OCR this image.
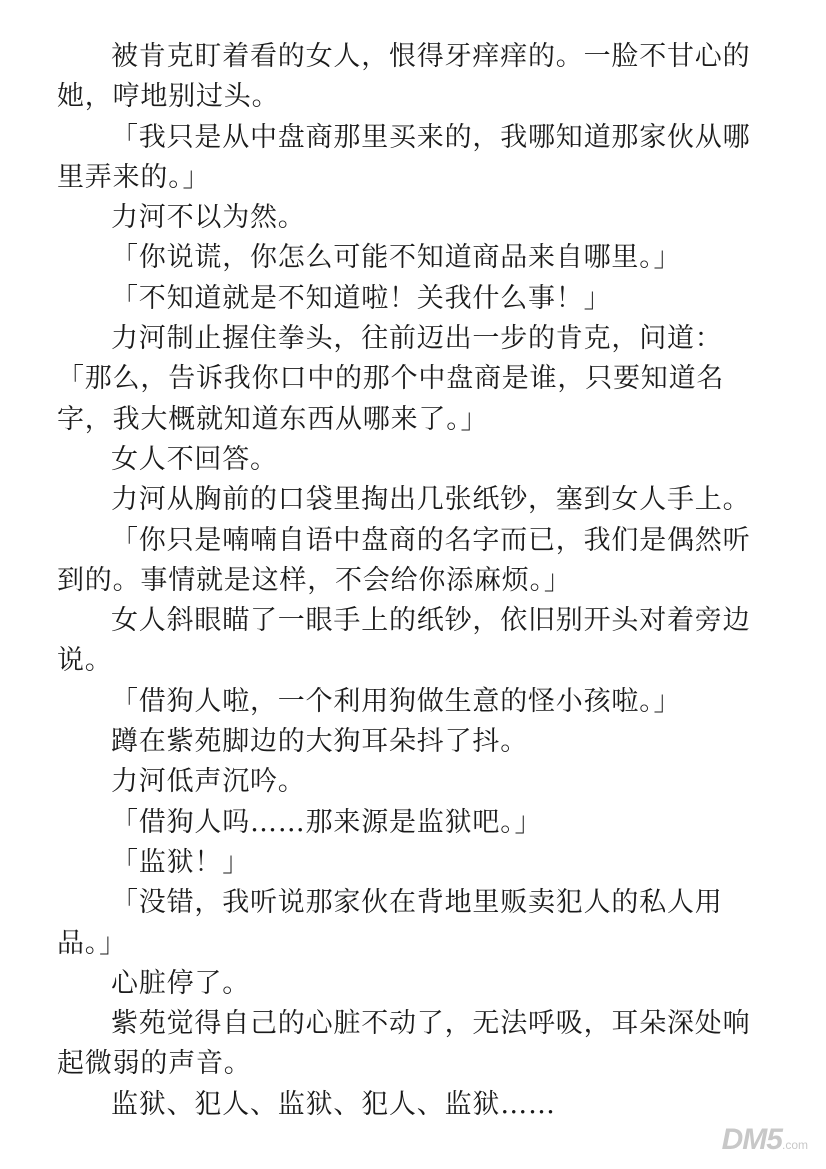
被肯克盯着看的女人，恨得牙痒痒的。一脸不甘心的她，哼地别过头。

「我只是从中盘商那里买来的，我哪知道那家伙从哪里弄来的。」

力河不以为然。

「你说谎，你怎么可能不知道商品来自哪里。」

「不知道就是不知道啦！关我什么事！」

力河制止握住拳头，往前迈出一步的肯克，问道：「那么，告诉我你口中的那个中盘商是谁，只要知道名字，我大概就知道东西从哪来了。」

女人不回答。

力河从胸前的口袋里掏出几张纸钞，塞到女人手上。

「你只是喃喃自语中盘商的名字而已，我们是偶然听到的。事情就是这样，不会给你添麻烦。」

女人斜眼瞄了一眼手上的纸钞，依旧别开头对着旁边说。

「借狗人啦，一个利用狗做生意的怪小孩啦。」

蹲在紫苑脚边的大狗耳朵抖了抖。

力河低声沉吟。

「借狗人吗……那来源是监狱吧。」

「监狱！」

「没错，我听说那家伙在背地里贩卖犯人的私人用品。」

心脏停了。

紫苑觉得自己的心脏不动了，无法呼吸，耳朵深处响起微弱的声音。

监狱、犯人、监狱、犯人、监狱……

DM5.com
